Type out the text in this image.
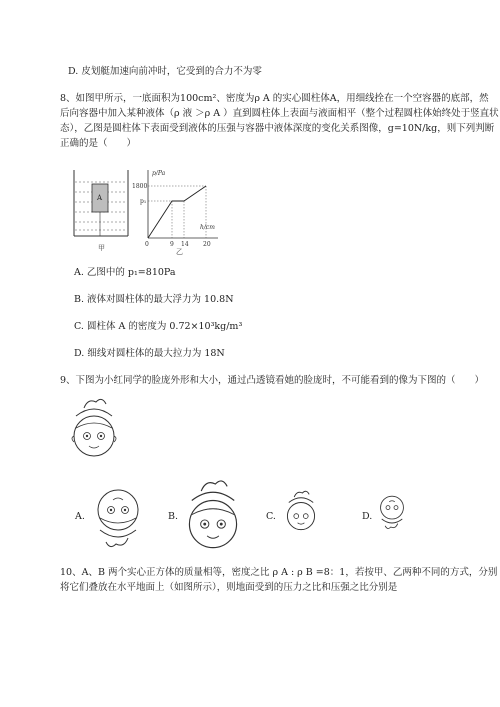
D. 皮划艇加速向前冲时，它受到的合力不为零
8、如图甲所示，一底面积为100cm²、密度为ρ A 的实心圆柱体A，用细线拴在一个空容器的底部，然
后向容器中加入某种液体（ρ 液 ＞ρ A ）直到圆柱体上表面与液面相平（整个过程圆柱体始终处于竖直状
态），乙图是圆柱体下表面受到液体的压强与容器中液体深度的变化关系图像，g=10N/kg，则下列判断
正确的是（　　）
A
甲
p/Pa
h/cm
1800
p₁
0	9 14 20
乙
A. 乙图中的 p₁=810Pa
B. 液体对圆柱体的最大浮力为 10.8N
C. 圆柱体 A 的密度为 0.72×10³kg/m³
D. 细线对圆柱体的最大拉力为 18N
9、下图为小红同学的脸庞外形和大小，通过凸透镜看她的脸庞时，不可能看到的像为下图的（　　）
A.	B.	C.	D.
10、A、B 两个实心正方体的质量相等，密度之比 ρ A : ρ B =8：1，若按甲、乙两种不同的方式，分别
将它们叠放在水平地面上（如图所示），则地面受到的压力之比和压强之比分别是
